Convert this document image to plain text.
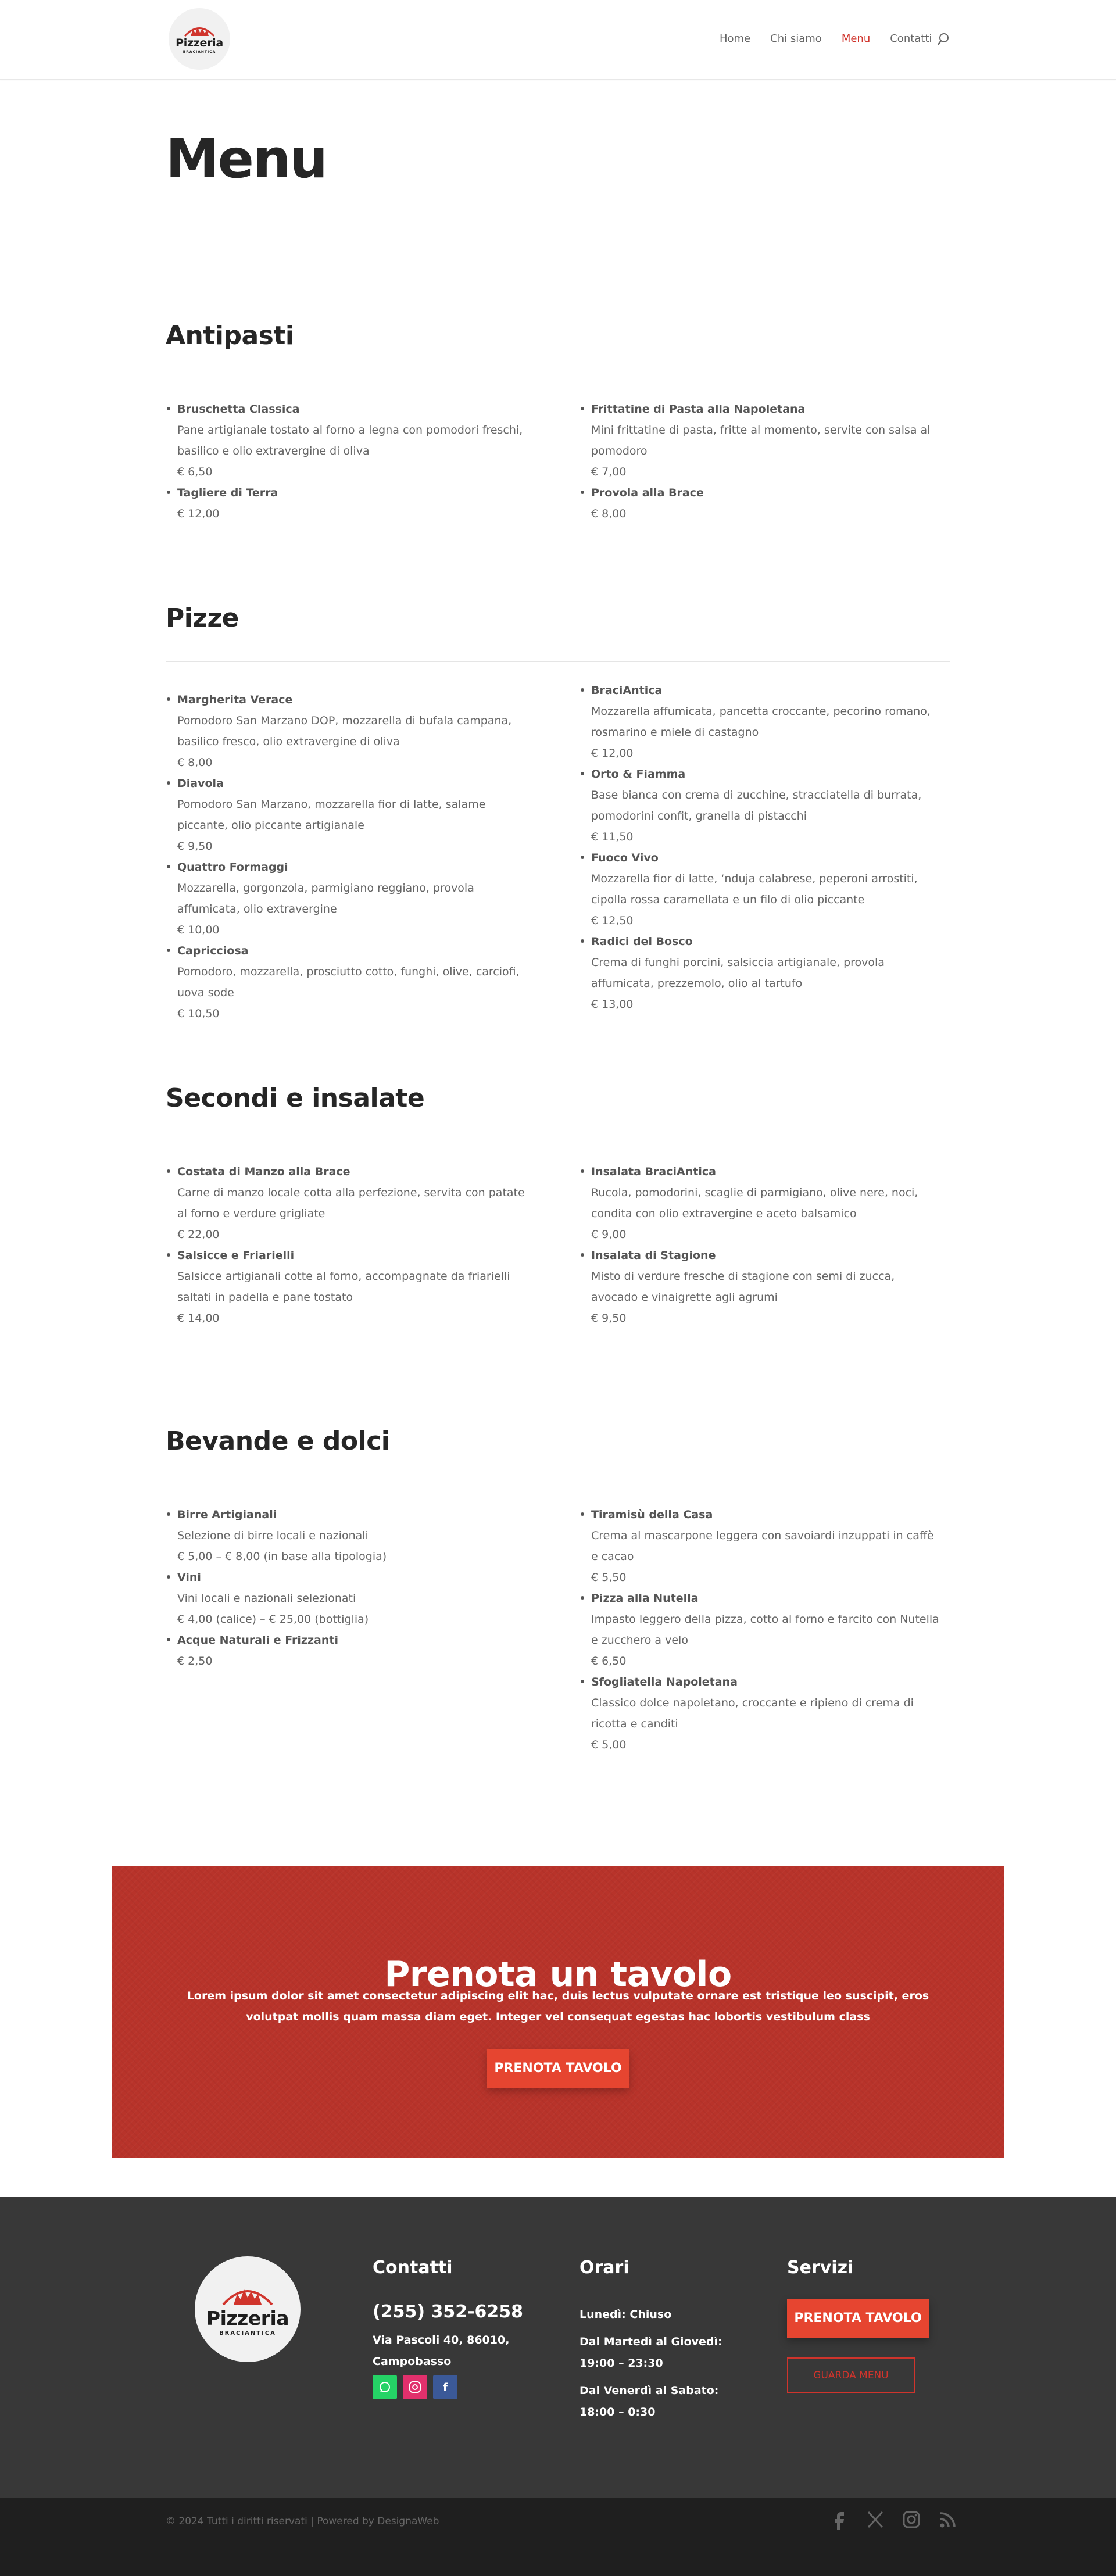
Pizzeria
BRACIANTICA
Home Chi siamo Menu Contatti
Menu
Antipasti
Bruschetta Classica
Pane artigianale tostato al forno a legna con pomodori freschi, basilico e olio extravergine di oliva
€ 6,50
Tagliere di Terra
€ 12,00
Frittatine di Pasta alla Napoletana
Mini frittatine di pasta, fritte al momento, servite con salsa al pomodoro
€ 7,00
Provola alla Brace
€ 8,00
Pizze
Margherita Verace
Pomodoro San Marzano DOP, mozzarella di bufala campana, basilico fresco, olio extravergine di oliva
€ 8,00
Diavola
Pomodoro San Marzano, mozzarella fior di latte, salame piccante, olio piccante artigianale
€ 9,50
Quattro Formaggi
Mozzarella, gorgonzola, parmigiano reggiano, provola affumicata, olio extravergine
€ 10,00
Capricciosa
Pomodoro, mozzarella, prosciutto cotto, funghi, olive, carciofi, uova sode
€ 10,50
BraciAntica
Mozzarella affumicata, pancetta croccante, pecorino romano, rosmarino e miele di castagno
€ 12,00
Orto & Fiamma
Base bianca con crema di zucchine, stracciatella di burrata, pomodorini confit, granella di pistacchi
€ 11,50
Fuoco Vivo
Mozzarella fior di latte, ‘nduja calabrese, peperoni arrostiti, cipolla rossa caramellata e un filo di olio piccante
€ 12,50
Radici del Bosco
Crema di funghi porcini, salsiccia artigianale, provola affumicata, prezzemolo, olio al tartufo
€ 13,00
Secondi e insalate
Costata di Manzo alla Brace
Carne di manzo locale cotta alla perfezione, servita con patate al forno e verdure grigliate
€ 22,00
Salsicce e Friarielli
Salsicce artigianali cotte al forno, accompagnate da friarielli saltati in padella e pane tostato
€ 14,00
Insalata BraciAntica
Rucola, pomodorini, scaglie di parmigiano, olive nere, noci, condita con olio extravergine e aceto balsamico
€ 9,00
Insalata di Stagione
Misto di verdure fresche di stagione con semi di zucca, avocado e vinaigrette agli agrumi
€ 9,50
Bevande e dolci
Birre Artigianali
Selezione di birre locali e nazionali
€ 5,00 – € 8,00 (in base alla tipologia)
Vini
Vini locali e nazionali selezionati
€ 4,00 (calice) – € 25,00 (bottiglia)
Acque Naturali e Frizzanti
€ 2,50
Tiramisù della Casa
Crema al mascarpone leggera con savoiardi inzuppati in caffè e cacao
€ 5,50
Pizza alla Nutella
Impasto leggero della pizza, cotto al forno e farcito con Nutella e zucchero a velo
€ 6,50
Sfogliatella Napoletana
Classico dolce napoletano, croccante e ripieno di crema di ricotta e canditi
€ 5,00
Prenota un tavolo

Lorem ipsum dolor sit amet consectetur adipiscing elit hac, duis lectus vulputate ornare est tristique leo suscipit, eros volutpat mollis quam massa diam eget. Integer vel consequat egestas hac lobortis vestibulum class

PRENOTA TAVOLO
Pizzeria
BRACIANTICA
Contatti
(255) 352-6258
Via Pascoli 40, 86010, Campobasso
f
Orari
Lunedì: Chiuso
Dal Martedì al Giovedì: 19:00 – 23:30
Dal Venerdì al Sabato: 18:00 – 0:30
Servizi
PRENOTA TAVOLO
GUARDA MENU
© 2024 Tutti i diritti riservati | Powered by DesignaWeb
